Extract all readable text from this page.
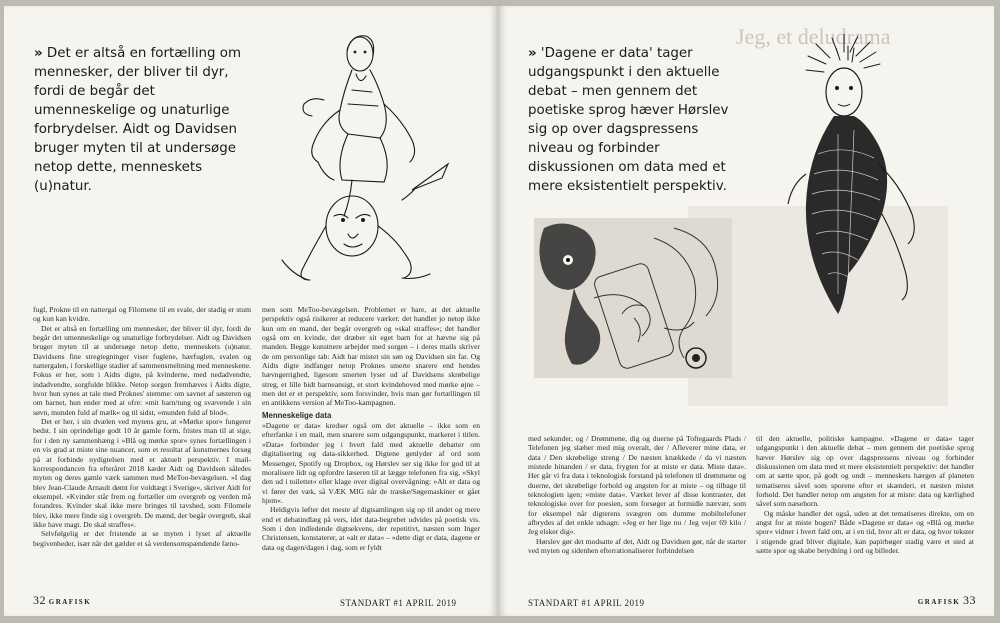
» Det er altså en fortælling om mennesker, der bliver til dyr, fordi de begår det umenneskelige og unaturlige forbrydelser. Aidt og Davidsen bruger myten til at undersøge netop dette, menneskets (u)natur.

fugl, Prokne til en nattergal og Filomene til en svale, der stadig er stum og kun kan kvidre.

Det er altså en fortælling om mennesker, der bliver til dyr, fordi de begår det umenneskelige og unaturlige forbrydelser. Aidt og Davidsen bruger myten til at undersøge netop dette, menneskets (u)natur. Davidsens fine stregtegninger viser fuglene, hærfuglen, svalen og nattergalen, i forskellige stadier af sammensmeltning med menneskene. Fokus er her, som i Aidts digte, på kvinderne, med nedadvendte, indadvendte, sorgfulde blikke. Netop sorgen fremhæves i Aidts digte, hvor hun synes at tale med Proknes' stemme: om savnet af søsteren og om barnet, hun ender med at ofre: »mit barn/tung og svævende i sin søvn, munden fuld af mælk« og til sidst, »munden fuld af blod«.

Det er her, i sin dvælen ved mytens gru, at »Mørke spor« fungerer bedst. I sin oprindelige godt 10 år gamle form, fristes man til at sige, for i den ny sammenhæng i »Blå og mørke spor« synes fortællingen i en vis grad at miste sine nuancer, som et resultat af kunstnernes forsøg på at forbinde nydigtelsen med et aktuelt perspektiv. I mail-korrespondancen fra efteråret 2018 kæder Aidt og Davidsen således myten og deres gamle værk sammen med MeToo-bevægelsen. »I dag blev Jean-Claude Arnault dømt for voldtægt i Sverige«, skriver Aidt for eksempel. »Kvinder står frem og fortæller om overgreb og verden må forandres. Kvinder skal ikke mere bringes til tavshed, som Filomele blev, ikke mere finde sig i overgreb. De mænd, der begår overgreb, skal ikke have magt. De skal straffes«.

Selvfølgelig er det fristende at se myten i lyset af aktuelle begivenheder, især når det gælder et så verdensomspændende fæno-

men som MeToo-bevægelsen. Problemet er bare, at det aktuelle perspektiv også risikerer at reducere værket: det handler jo netop ikke kun om en mand, der begår overgreb og »skal straffes«; det handler også om en kvinde, der dræber sit eget barn for at hævne sig på manden. Begge kunstnere arbejder med sorgen – i deres mails skriver de om personlige tab: Aidt har mistet sin søn og Davidsen sin far. Og Aidts digte indfanger netop Proknes smerte snarere end hendes hævngerrighed, ligesom smerten lyser ud af Davidsens skrøbelige streg, et lille bidt barneansigt, et stort kvindehoved med mørke øjne – men det er et perspektiv, som forsvinder, hvis man gør fortællingen til en antikkens version af MeToo-kampagnen.

Menneskelige data

»Dagene er data« kredser også om det aktuelle – ikke som en efterfanke i en mail, men snarere som udgangspunkt, markeret i titlen. »Data« forbinder jeg i hvert fald med aktuelle debatter om digitalisering og data-sikkerhed. Digtene genlyder af ord som Messenger, Spotify og Dropbox, og Hørslev ser sig ikke for god til at moralisere lidt og opfordre læseren til at lægge telefonen fra sig, »Skyl den ud i toilettet« eller klage over digital overvågning: »Alt er data og vi fører det væk, så VÆK MIG når de træske/Søgemaskiner er gået hjem«.

Heldigvis løfter det meste af digtsamlingen sig op til andet og mere end et debatindlæg på vers, idet data-begrebet udvides på poetisk vis. Som i den indledende digtsekvens, der repetitivt, næsten som Inger Christensen, konstaterer, at »alt er data« – »dette digt er data, dagene er data og dagen/dagen i dag, som er fyldt

32 GRAFISK	STANDART #1 APRIL 2019
Jeg, et deludrama
» 'Dagene er data' tager udgangspunkt i den aktuelle debat – men gennem det poetiske sprog hæver Hørslev sig op over dagspressens niveau og forbinder diskussionen om data med et mere eksistentielt perspektiv.

med sekunder, og / Drømmene, dig og duerne på Toftegaards Plads / Telefonen jeg slæber med mig overalt, der / Afleverer mine data, er data / Den skrøbelige streng / De næsten knækkede / da vi næsten mistede hinanden / er data, frygten for at miste er data. Miste data«. Her går vi fra data i teknologisk forstand på telefonen til drømmene og duerne, det skrøbelige forhold og angsten for at miste – og tilbage til teknologien igen; »miste data«. Værket lever af disse kontraster, det teknologiske over for poesien, som forsøger at formidle nærvær, som for eksempel når digterens svægren om dumme mobiltelefoner afbrydes af det enkle udsagn: »Jeg er her lige nu / Jeg vejer 69 kilo / Jeg elsker dig«.

Hørslev gør det modsatte af det, Aidt og Davidsen gør, når de starter ved myten og sidenhen efterrationaliserer forbindelsen

til den aktuelle, politiske kampagne. »Dagene er data« tager udgangspunkt i den aktuelle debat – men gennem det poetiske sprog hæver Hørslev sig op over dagspressens niveau og forbinder diskussionen om data med et mere eksistentielt perspektiv: det handler om at sætte spor, på godt og ondt – menneskets hærgen af planeten tematiseres såvel som sporene efter et skænderi, et næsten mistet forhold. Det handler netop om angsten for at miste: data og kærlighed såvel som næsehorn.

Og måske handler det også, uden at det tematiseres direkte, om en angst for at miste bogen? Både »Dagene er data« og »Blå og mørke spor« vidner i hvert fald om, at i en tid, hvor alt er data, og hvor tekster i stigende grad bliver digitale, kan papirbøger stadig være et sted at sætte spor og skabe betydning i ord og billeder.

STANDART #1 APRIL 2019	GRAFISK 33
